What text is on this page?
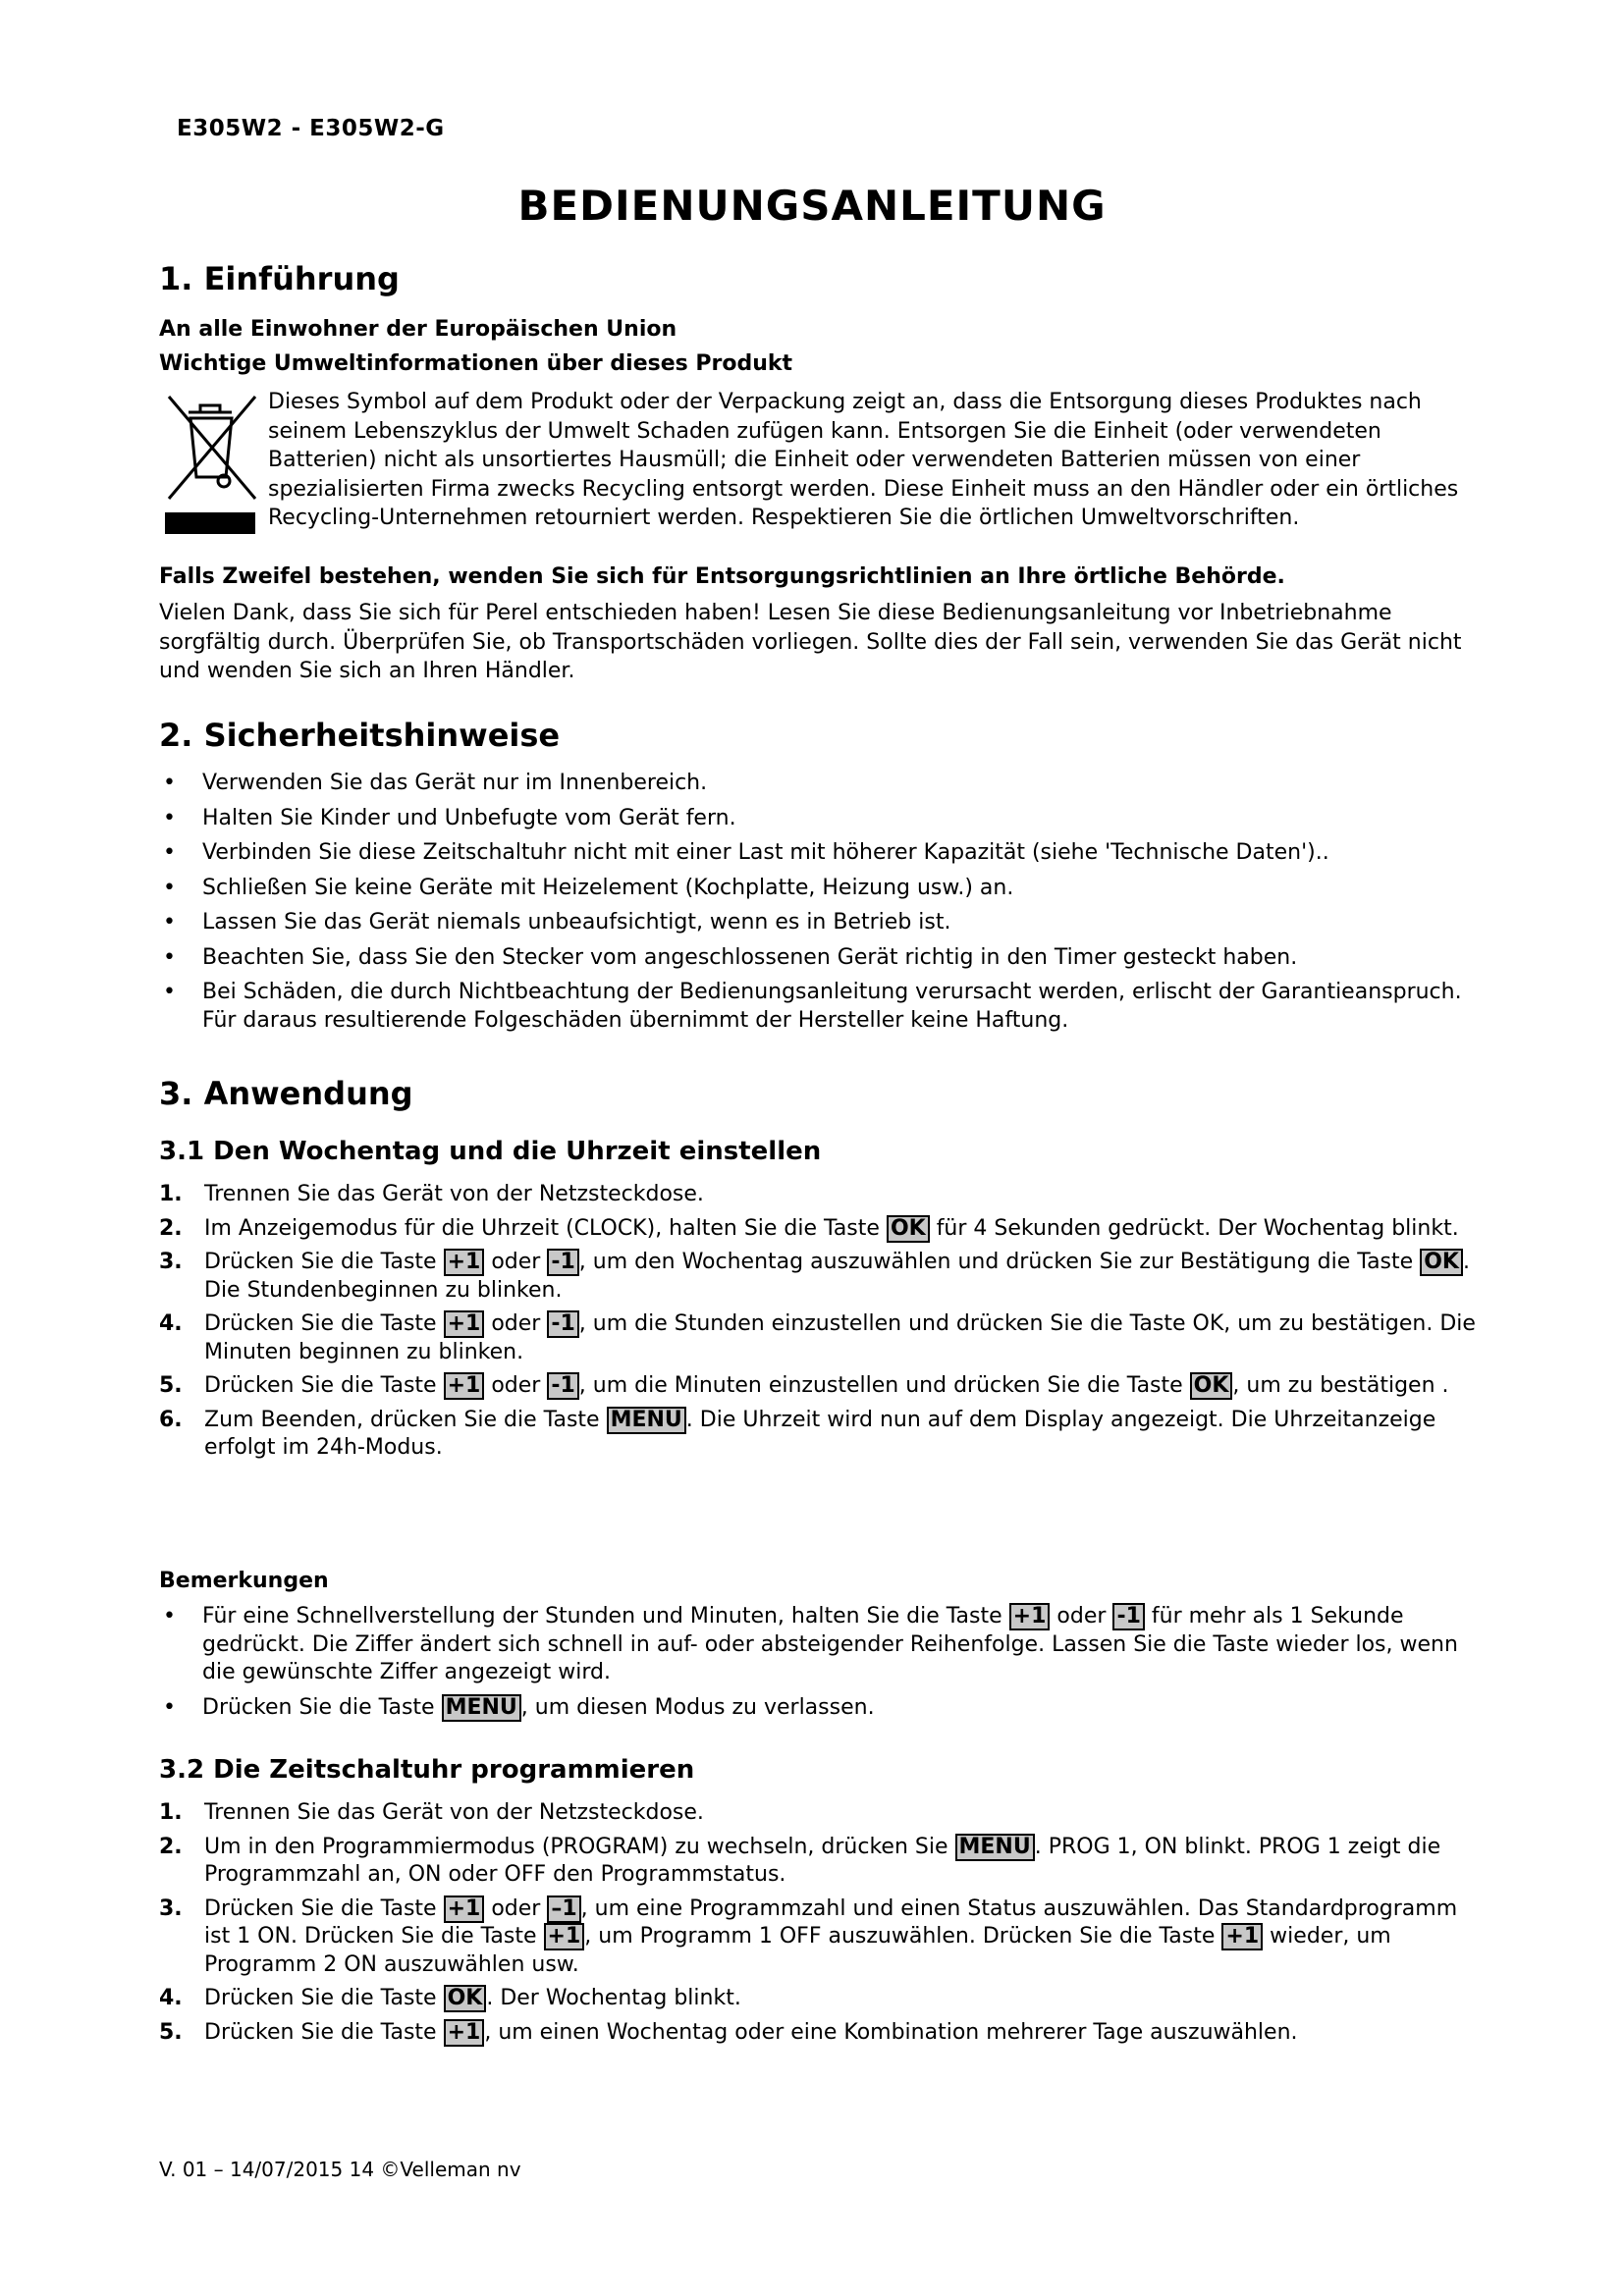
E305W2 - E305W2-G
BEDIENUNGSANLEITUNG
1. Einführung
An alle Einwohner der Europäischen Union
Wichtige Umweltinformationen über dieses Produkt
Dieses Symbol auf dem Produkt oder der Verpackung zeigt an, dass die Entsorgung dieses Produktes nach seinem Lebenszyklus der Umwelt Schaden zufügen kann. Entsorgen Sie die Einheit (oder verwendeten Batterien) nicht als unsortiertes Hausmüll; die Einheit oder verwendeten Batterien müssen von einer spezialisierten Firma zwecks Recycling entsorgt werden. Diese Einheit muss an den Händler oder ein örtliches Recycling-Unternehmen retourniert werden. Respektieren Sie die örtlichen Umweltvorschriften.
Falls Zweifel bestehen, wenden Sie sich für Entsorgungsrichtlinien an Ihre örtliche Behörde.
Vielen Dank, dass Sie sich für Perel entschieden haben! Lesen Sie diese Bedienungsanleitung vor Inbetriebnahme sorgfältig durch. Überprüfen Sie, ob Transportschäden vorliegen. Sollte dies der Fall sein, verwenden Sie das Gerät nicht und wenden Sie sich an Ihren Händler.
2. Sicherheitshinweise
• Verwenden Sie das Gerät nur im Innenbereich.
• Halten Sie Kinder und Unbefugte vom Gerät fern.
• Verbinden Sie diese Zeitschaltuhr nicht mit einer Last mit höherer Kapazität (siehe 'Technische Daten')..
• Schließen Sie keine Geräte mit Heizelement (Kochplatte, Heizung usw.) an.
• Lassen Sie das Gerät niemals unbeaufsichtigt, wenn es in Betrieb ist.
• Beachten Sie, dass Sie den Stecker vom angeschlossenen Gerät richtig in den Timer gesteckt haben.
• Bei Schäden, die durch Nichtbeachtung der Bedienungsanleitung verursacht werden, erlischt der Garantieanspruch. Für daraus resultierende Folgeschäden übernimmt der Hersteller keine Haftung.
3. Anwendung
3.1 Den Wochentag und die Uhrzeit einstellen
1. Trennen Sie das Gerät von der Netzsteckdose.
2. Im Anzeigemodus für die Uhrzeit (CLOCK), halten Sie die Taste OK für 4 Sekunden gedrückt. Der Wochentag blinkt.
3. Drücken Sie die Taste +1 oder -1 , um den Wochentag auszuwählen und drücken Sie zur Bestätigung die Taste OK . Die Stundenbeginnen zu blinken.
4. Drücken Sie die Taste +1 oder -1 , um die Stunden einzustellen und drücken Sie die Taste OK, um zu bestätigen. Die Minuten beginnen zu blinken.
5. Drücken Sie die Taste +1 oder -1 , um die Minuten einzustellen und drücken Sie die Taste OK , um zu bestätigen .
6. Zum Beenden, drücken Sie die Taste MENU . Die Uhrzeit wird nun auf dem Display angezeigt. Die Uhrzeitanzeige erfolgt im 24h-Modus.
Bemerkungen
• Für eine Schnellverstellung der Stunden und Minuten, halten Sie die Taste +1 oder -1 für mehr als 1 Sekunde gedrückt. Die Ziffer ändert sich schnell in auf- oder absteigender Reihenfolge. Lassen Sie die Taste wieder los, wenn die gewünschte Ziffer angezeigt wird.
• Drücken Sie die Taste MENU , um diesen Modus zu verlassen.
3.2 Die Zeitschaltuhr programmieren
1. Trennen Sie das Gerät von der Netzsteckdose.
2. Um in den Programmiermodus (PROGRAM) zu wechseln, drücken Sie MENU . PROG 1, ON blinkt. PROG 1 zeigt die Programmzahl an, ON oder OFF den Programmstatus.
3. Drücken Sie die Taste +1 oder –1 , um eine Programmzahl und einen Status auszuwählen. Das Standardprogramm ist 1 ON. Drücken Sie die Taste +1 , um Programm 1 OFF auszuwählen. Drücken Sie die Taste +1 wieder, um Programm 2 ON auszuwählen usw.
4. Drücken Sie die Taste OK . Der Wochentag blinkt.
5. Drücken Sie die Taste +1 , um einen Wochentag oder eine Kombination mehrerer Tage auszuwählen.
V. 01 – 14/07/2015 14 ©Velleman nv
